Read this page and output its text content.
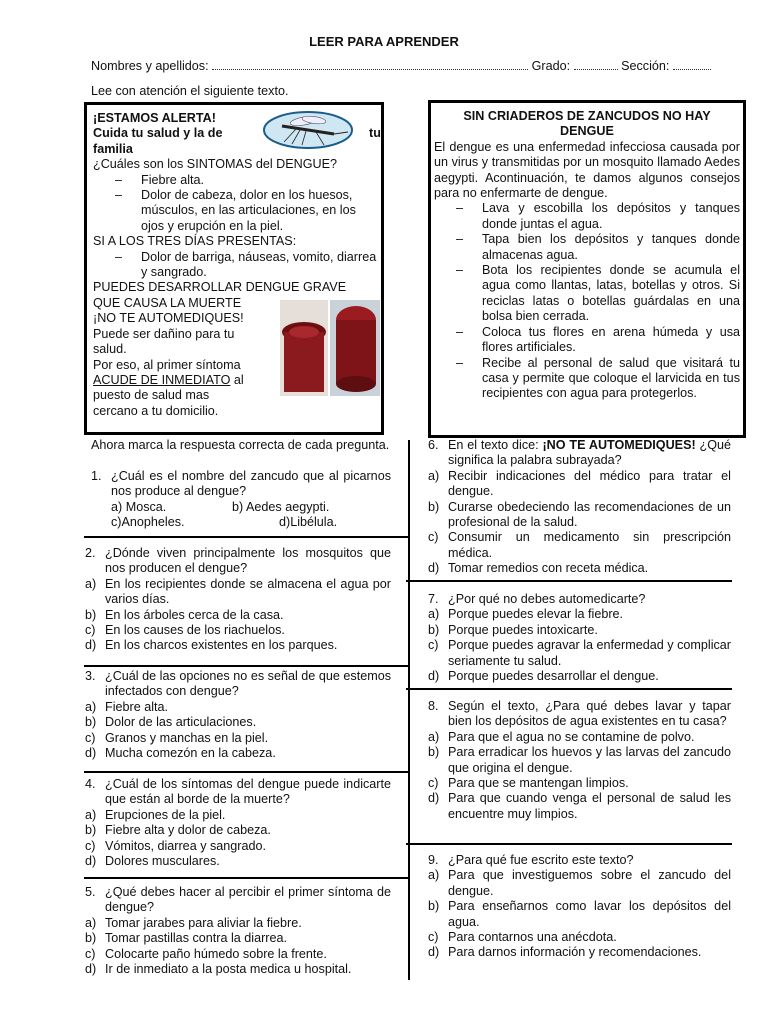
LEER PARA APRENDER
Nombres y apellidos:	Grado:	Sección:
Lee con atención el siguiente texto.
¡ESTAMOS ALERTA!
Cuida tu salud y la de	tu
familia
¿Cuáles son los SINTOMAS del DENGUE?
– Fiebre alta.
– Dolor de cabeza, dolor en los huesos, músculos, en las articulaciones, en los ojos y erupción en la piel.
SI A LOS TRES DÍAS PRESENTAS:
– Dolor de barriga, náuseas, vomito, diarrea y sangrado.
PUEDES DESARROLLAR DENGUE GRAVE
QUE CAUSA LA MUERTE
¡NO TE AUTOMEDIQUES!
Puede ser dañino para tu
salud.
Por eso, al primer síntoma
ACUDE DE INMEDIATO al
puesto de salud mas
cercano a tu domicilio.
SIN CRIADEROS DE ZANCUDOS NO HAY DENGUE
El dengue es una enfermedad infecciosa causada por un virus y transmitidas por un mosquito llamado Aedes aegypti. Acontinuación, te damos algunos consejos para no enfermarte de dengue.
– Lava y escobilla los depósitos y tanques donde juntas el agua.
– Tapa bien los depósitos y tanques donde almacenas agua.
– Bota los recipientes donde se acumula el agua como llantas, latas, botellas y otros. Si reciclas latas o botellas guárdalas en una bolsa bien cerrada.
– Coloca tus flores en arena húmeda y usa flores artificiales.
– Recibe al personal de salud que visitará tu casa y permite que coloque el larvicida en tus recipientes con agua para protegerlos.
Ahora marca la respuesta correcta de cada pregunta.
1. ¿Cuál es el nombre del zancudo que al picarnos nos produce al dengue?
a) Mosca.	b) Aedes aegypti.
c)Anopheles.	d)Libélula.
2. ¿Dónde viven principalmente los mosquitos que nos producen el dengue?
a) En los recipientes donde se almacena el agua por varios días.
b) En los árboles cerca de la casa.
c) En los causes de los riachuelos.
d) En los charcos existentes en los parques.
3. ¿Cuál de las opciones no es señal de que estemos infectados con dengue?
a) Fiebre alta.
b) Dolor de las articulaciones.
c) Granos y manchas en la piel.
d) Mucha comezón en la cabeza.
4. ¿Cuál de los síntomas del dengue puede indicarte que están al borde de la muerte?
a) Erupciones de la piel.
b) Fiebre alta y dolor de cabeza.
c) Vómitos, diarrea y sangrado.
d) Dolores musculares.
5. ¿Qué debes hacer al percibir el primer síntoma de dengue?
a) Tomar jarabes para aliviar la fiebre.
b) Tomar pastillas contra la diarrea.
c) Colocarte paño húmedo sobre la frente.
d) Ir de inmediato a la posta medica u hospital.
6. En el texto dice: ¡NO TE AUTOMEDIQUES! ¿Qué significa la palabra subrayada?
a) Recibir indicaciones del médico para tratar el dengue.
b) Curarse obedeciendo las recomendaciones de un profesional de la salud.
c) Consumir un medicamento sin prescripción médica.
d) Tomar remedios con receta médica.
7. ¿Por qué no debes automedicarte?
a) Porque puedes elevar la fiebre.
b) Porque puedes intoxicarte.
c) Porque puedes agravar la enfermedad y complicar seriamente tu salud.
d) Porque puedes desarrollar el dengue.
8. Según el texto, ¿Para qué debes lavar y tapar bien los depósitos de agua existentes en tu casa?
a) Para que el agua no se contamine de polvo.
b) Para erradicar los huevos y las larvas del zancudo que origina el dengue.
c) Para que se mantengan limpios.
d) Para que cuando venga el personal de salud les encuentre muy limpios.
9. ¿Para qué fue escrito este texto?
a) Para que investiguemos sobre el zancudo del dengue.
b) Para enseñarnos como lavar los depósitos del agua.
c) Para contarnos una anécdota.
d) Para darnos información y recomendaciones.
